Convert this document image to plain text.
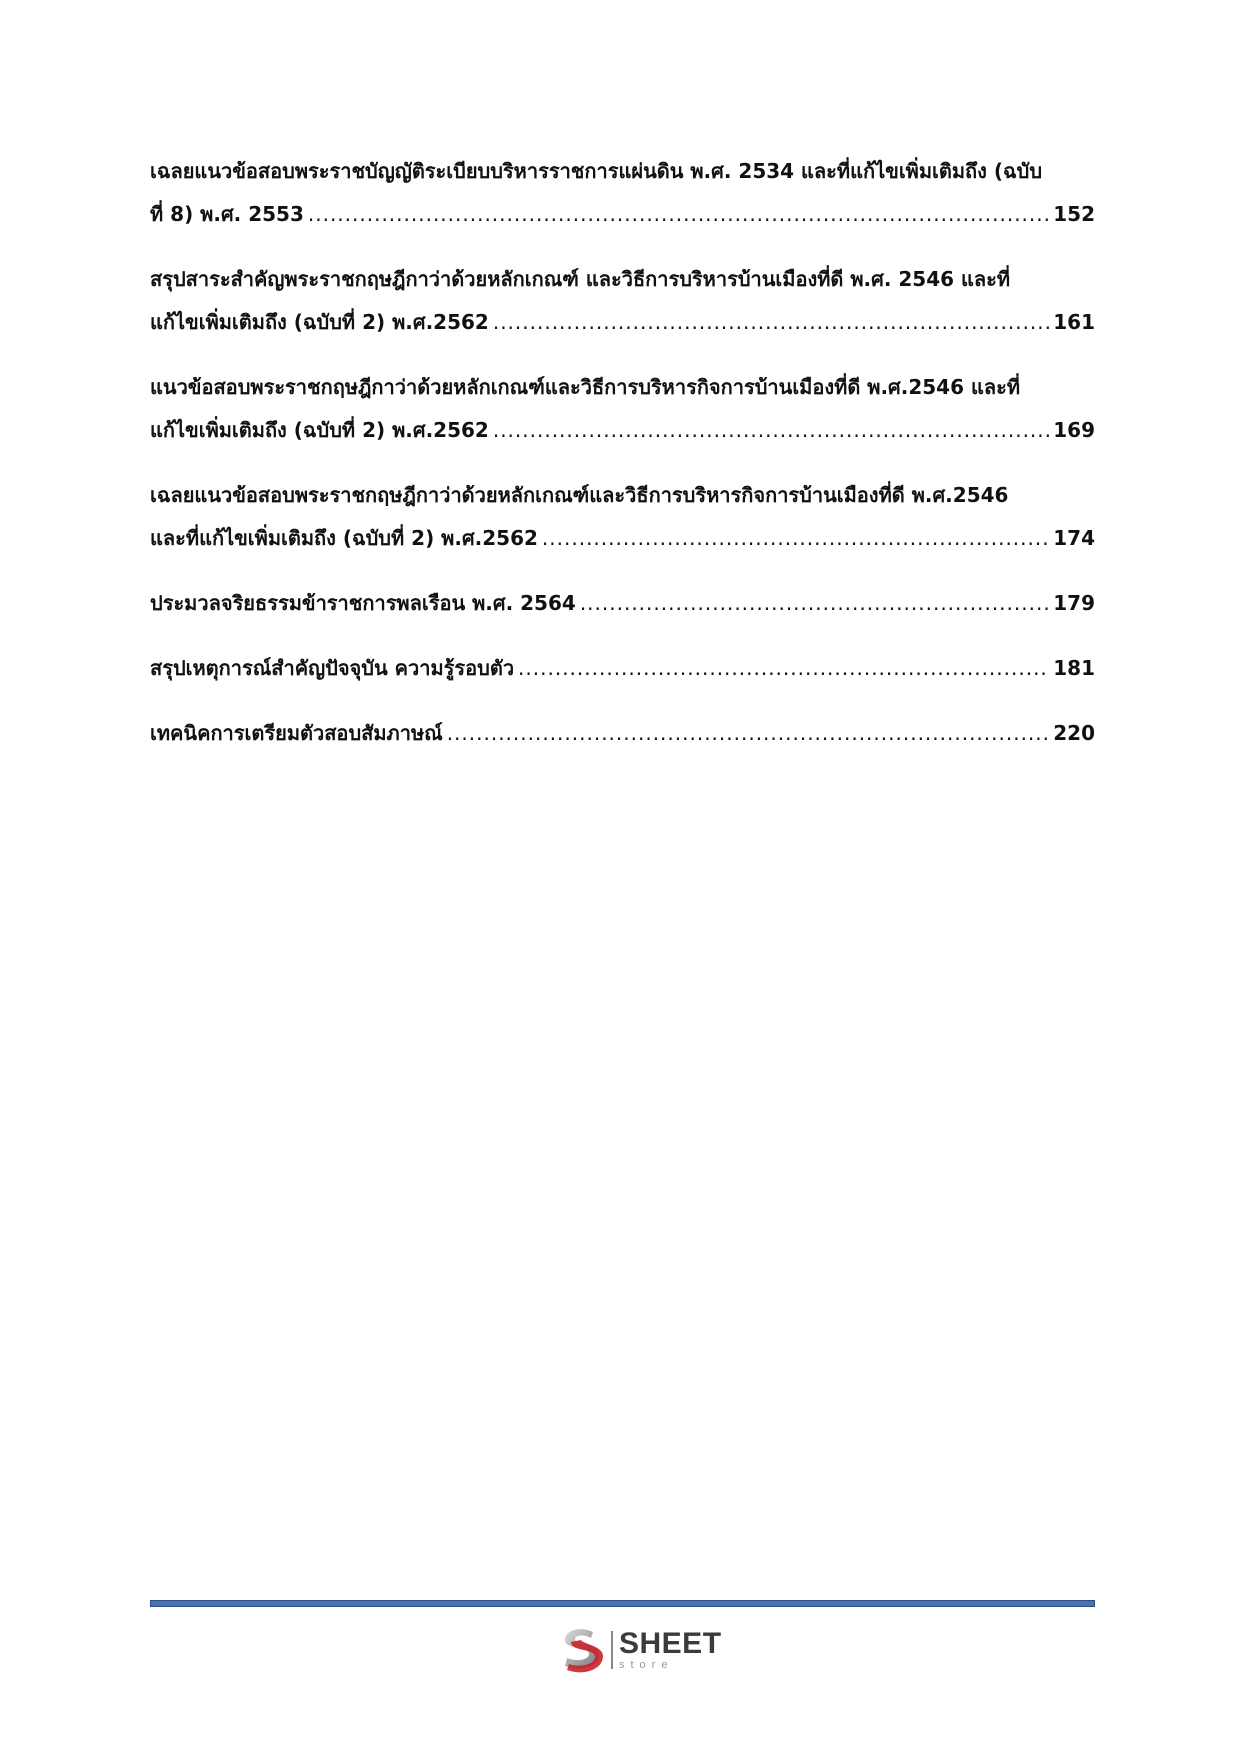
เฉลยแนวข้อสอบพระราชบัญญัติระเบียบบริหารราชการแผ่นดิน พ.ศ. 2534 และที่แก้ไขเพิ่มเติมถึง (ฉบับ
ที่ 8) พ.ศ. 2553 .....	152
สรุปสาระสำคัญพระราชกฤษฎีกาว่าด้วยหลักเกณฑ์ และวิธีการบริหารบ้านเมืองที่ดี พ.ศ. 2546 และที่
แก้ไขเพิ่มเติมถึง (ฉบับที่ 2) พ.ศ.2562 .....	161
แนวข้อสอบพระราชกฤษฎีกาว่าด้วยหลักเกณฑ์และวิธีการบริหารกิจการบ้านเมืองที่ดี พ.ศ.2546 และที่
แก้ไขเพิ่มเติมถึง (ฉบับที่ 2) พ.ศ.2562 .....	169
เฉลยแนวข้อสอบพระราชกฤษฎีกาว่าด้วยหลักเกณฑ์และวิธีการบริหารกิจการบ้านเมืองที่ดี พ.ศ.2546
และที่แก้ไขเพิ่มเติมถึง (ฉบับที่ 2) พ.ศ.2562 .....	174
ประมวลจริยธรรมข้าราชการพลเรือน พ.ศ. 2564 .....	179
สรุปเหตุการณ์สำคัญปัจจุบัน ความรู้รอบตัว .....	181
เทคนิคการเตรียมตัวสอบสัมภาษณ์ .....	220
SHEET
store
